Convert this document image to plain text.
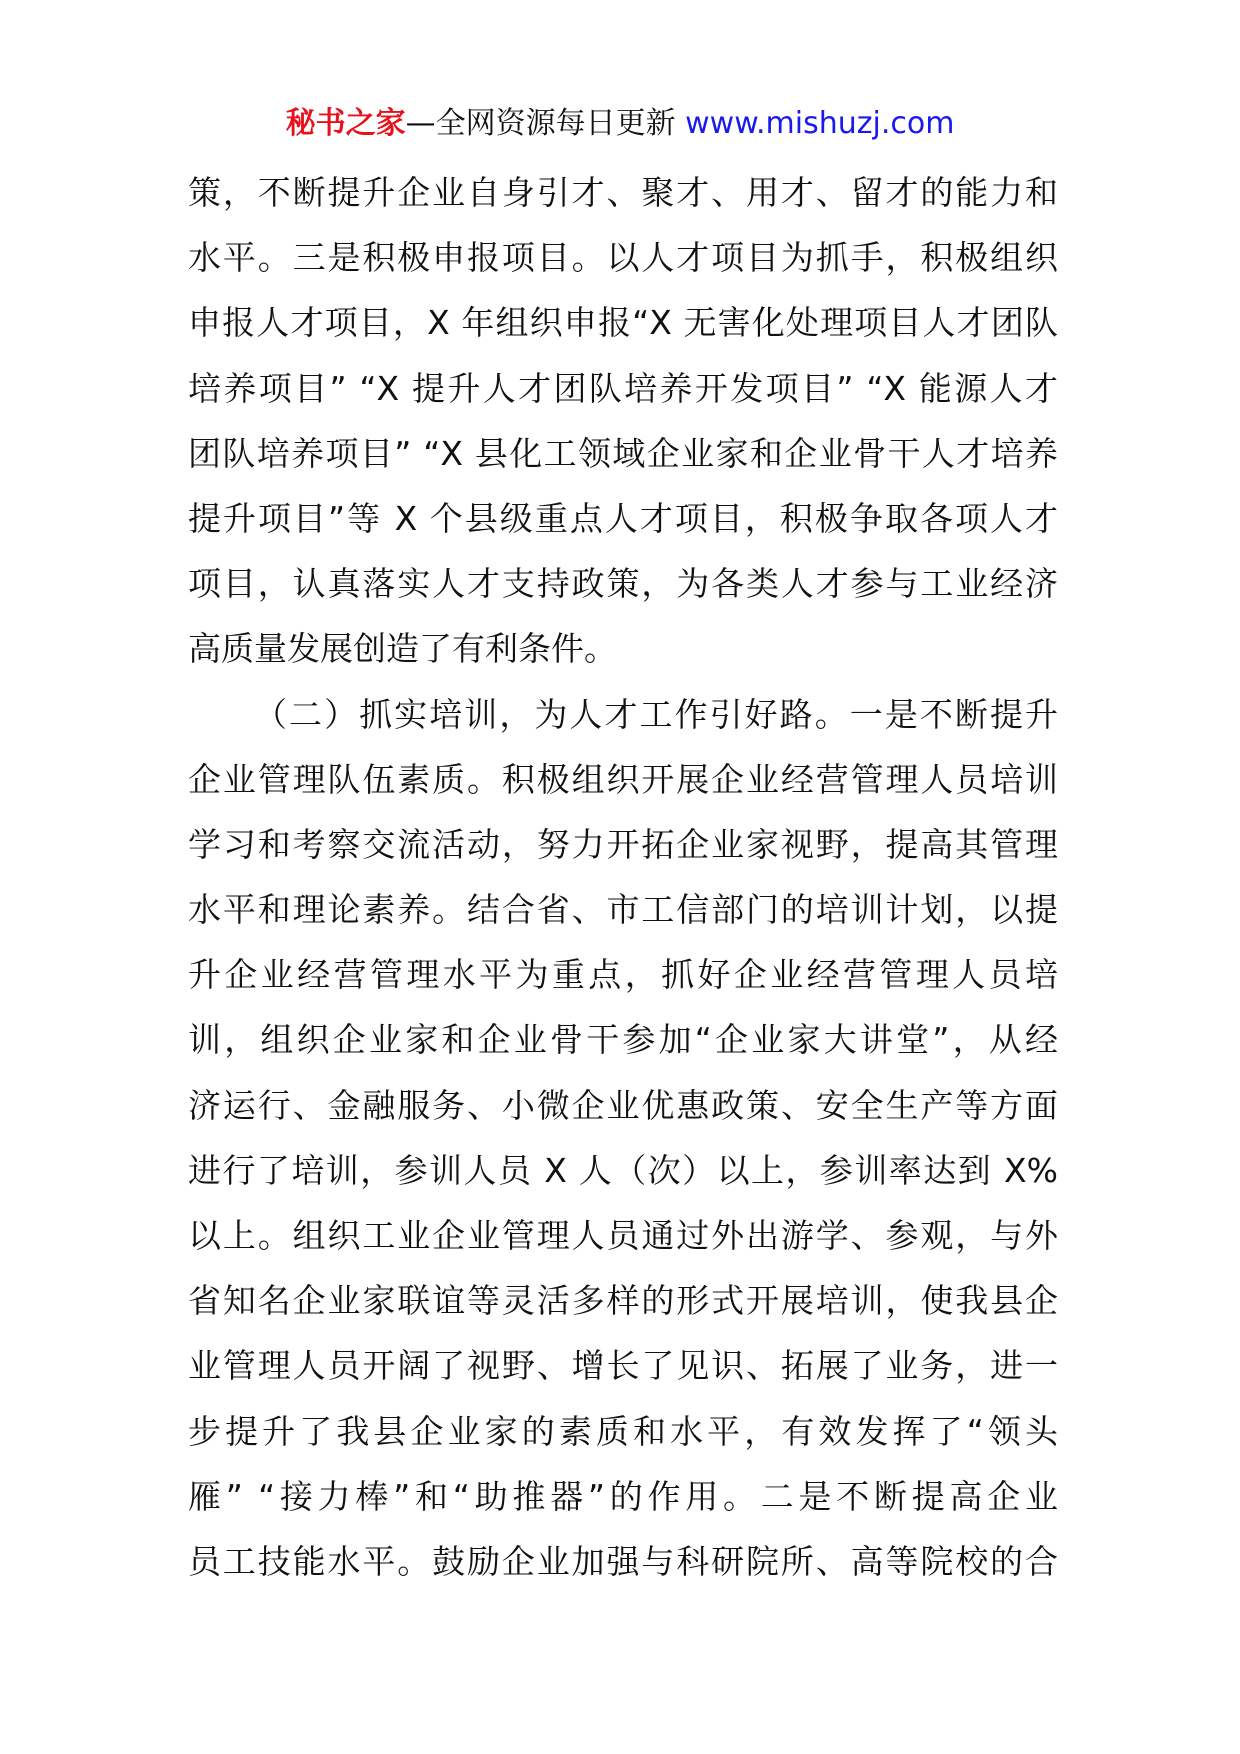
秘书之家—全网资源每日更新 www.mishuzj.com
策，不断提升企业自身引才、聚才、用才、留才的能力和
水平。三是积极申报项目。以人才项目为抓手，积极组织
申报人才项目，X 年组织申报“X 无害化处理项目人才团队
培养项目” “X 提升人才团队培养开发项目” “X 能源人才
团队培养项目” “X 县化工领域企业家和企业骨干人才培养
提升项目”等 X 个县级重点人才项目，积极争取各项人才
项目，认真落实人才支持政策，为各类人才参与工业经济
高质量发展创造了有利条件。
（二）抓实培训，为人才工作引好路。一是不断提升
企业管理队伍素质。积极组织开展企业经营管理人员培训
学习和考察交流活动，努力开拓企业家视野，提高其管理
水平和理论素养。结合省、市工信部门的培训计划，以提
升企业经营管理水平为重点，抓好企业经营管理人员培
训，组织企业家和企业骨干参加“企业家大讲堂”，从经
济运行、金融服务、小微企业优惠政策、安全生产等方面
进行了培训，参训人员 X 人（次）以上，参训率达到 X%
以上。组织工业企业管理人员通过外出游学、参观，与外
省知名企业家联谊等灵活多样的形式开展培训，使我县企
业管理人员开阔了视野、增长了见识、拓展了业务，进一
步提升了我县企业家的素质和水平，有效发挥了“领头
雁” “接力棒”和“助推器”的作用。二是不断提高企业
员工技能水平。鼓励企业加强与科研院所、高等院校的合
